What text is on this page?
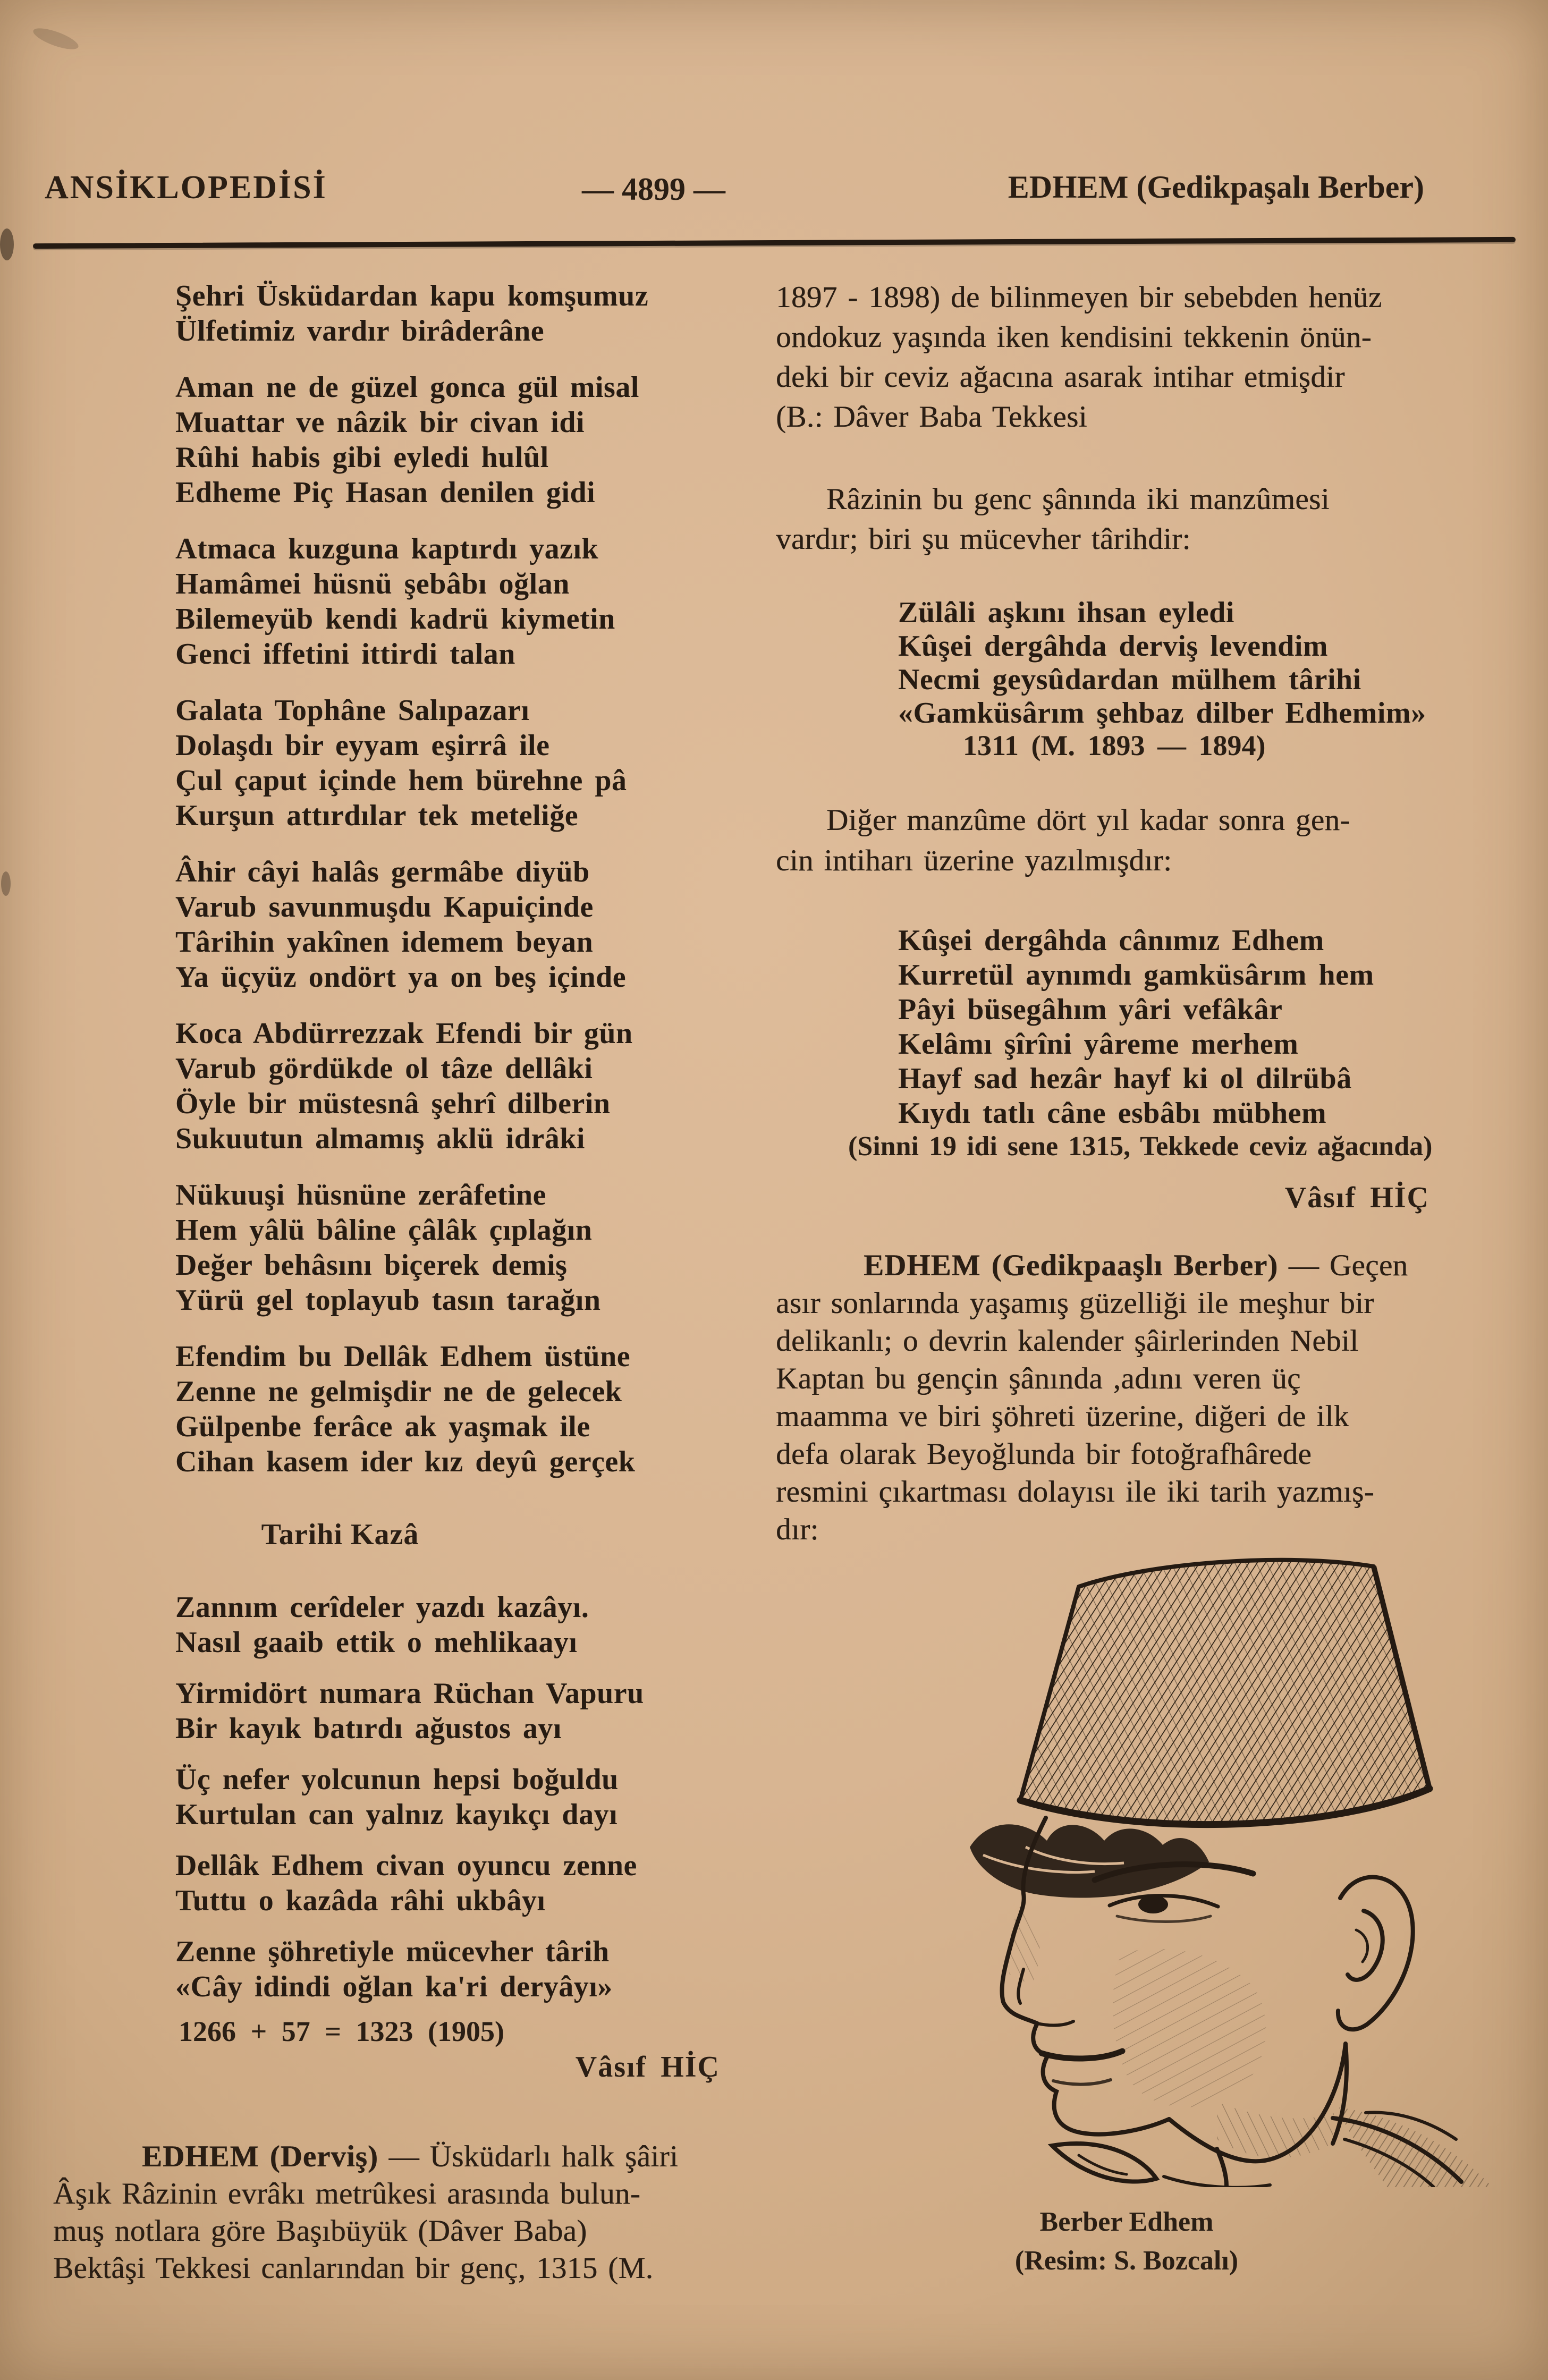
ANSİKLOPEDİSİ	— 4899 —	EDHEM (Gedikpaşalı Berber)
Şehri Üsküdardan kapu komşumuz
Ülfetimiz vardır birâderâne
Aman ne de güzel gonca gül misal
Muattar ve nâzik bir civan idi
Rûhi habis gibi eyledi hulûl
Edheme Piç Hasan denilen gidi
Atmaca kuzguna kaptırdı yazık
Hamâmei hüsnü şebâbı oğlan
Bilemeyüb kendi kadrü kiymetin
Genci iffetini ittirdi talan
Galata Tophâne Salıpazarı
Dolaşdı bir eyyam eşirrâ ile
Çul çaput içinde hem bürehne pâ
Kurşun attırdılar tek meteliğe
Âhir câyi halâs germâbe diyüb
Varub savunmuşdu Kapuiçinde
Târihin yakînen idemem beyan
Ya üçyüz ondört ya on beş içinde
Koca Abdürrezzak Efendi bir gün
Varub gördükde ol tâze dellâki
Öyle bir müstesnâ şehrî dilberin
Sukuutun almamış aklü idrâki
Nükuuşi hüsnüne zerâfetine
Hem yâlü bâline çâlâk çıplağın
Değer behâsını biçerek demiş
Yürü gel toplayub tasın tarağın
Efendim bu Dellâk Edhem üstüne
Zenne ne gelmişdir ne de gelecek
Gülpenbe ferâce ak yaşmak ile
Cihan kasem ider kız deyû gerçek
Tarihi Kazâ
Zannım cerîdeler yazdı kazâyı.
Nasıl gaaib ettik o mehlikaayı
Yirmidört numara Rüchan Vapuru
Bir kayık batırdı ağustos ayı
Üç nefer yolcunun hepsi boğuldu
Kurtulan can yalnız kayıkçı dayı
Dellâk Edhem civan oyuncu zenne
Tuttu o kazâda râhi ukbâyı
Zenne şöhretiyle mücevher târih
«Cây idindi oğlan ka'ri deryâyı»
1266 + 57 = 1323 (1905)
Vâsıf HİÇ
EDHEM (Derviş) — Üsküdarlı halk şâiri
Âşık Râzinin evrâkı metrûkesi arasında bulun-
muş notlara göre Başıbüyük (Dâver Baba)
Bektâşi Tekkesi canlarından bir genç, 1315 (M.
1897 - 1898) de bilinmeyen bir sebebden henüz
ondokuz yaşında iken kendisini tekkenin önün-
deki bir ceviz ağacına asarak intihar etmişdir
(B.: Dâver Baba Tekkesi
Râzinin bu genc şânında iki manzûmesi
vardır; biri şu mücevher târihdir:
Zülâli aşkını ihsan eyledi
Kûşei dergâhda derviş levendim
Necmi geysûdardan mülhem târihi
«Gamküsârım şehbaz dilber Edhemim»
1311 (M. 1893 — 1894)
Diğer manzûme dört yıl kadar sonra gen-
cin intiharı üzerine yazılmışdır:
Kûşei dergâhda cânımız Edhem
Kurretül aynımdı gamküsârım hem
Pâyi büsegâhım yâri vefâkâr
Kelâmı şîrîni yâreme merhem
Hayf sad hezâr hayf ki ol dilrübâ
Kıydı tatlı câne esbâbı mübhem
(Sinni 19 idi sene 1315, Tekkede ceviz ağacında)
Vâsıf HİÇ
EDHEM (Gedikpaaşlı Berber) — Geçen
asır sonlarında yaşamış güzelliği ile meşhur bir
delikanlı; o devrin kalender şâirlerinden Nebil
Kaptan bu gençin şânında ,adını veren üç
maamma ve biri şöhreti üzerine, diğeri de ilk
defa olarak Beyoğlunda bir fotoğrafhârede
resmini çıkartması dolayısı ile iki tarih yazmış-
dır:
Berber Edhem
(Resim: S. Bozcalı)
